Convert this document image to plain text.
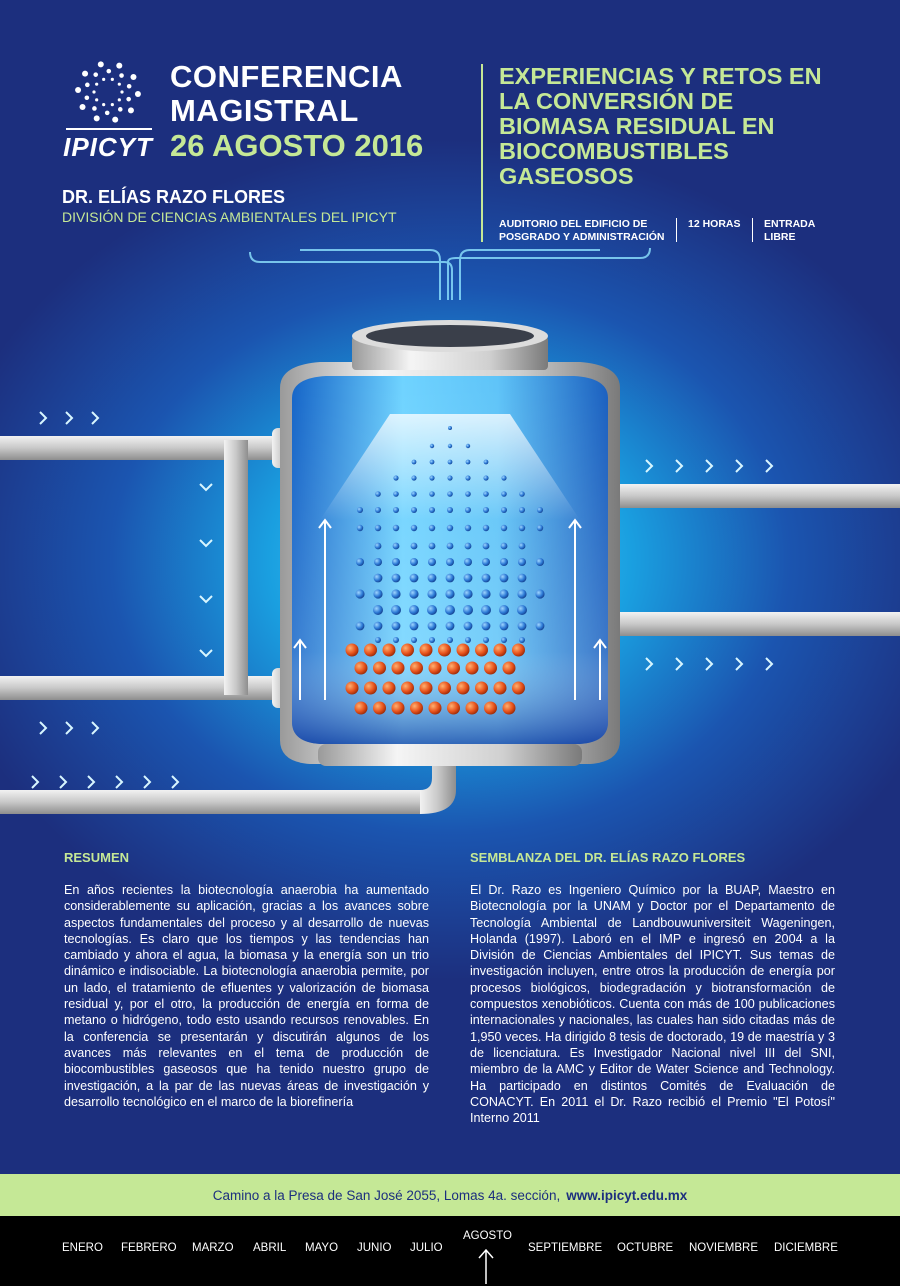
IPICYT
CONFERENCIA
MAGISTRAL
26 AGOSTO 2016
DR. ELÍAS RAZO FLORES
DIVISIÓN DE CIENCIAS AMBIENTALES DEL IPICYT
EXPERIENCIAS Y RETOS EN LA CONVERSIÓN DE BIOMASA RESIDUAL EN BIOCOMBUSTIBLES GASEOSOS
AUDITORIO DEL EDIFICIO DE
POSGRADO Y ADMINISTRACIÓN
12 HORAS ENTRADA
LIBRE
RESUMEN
En años recientes la biotecnología anaerobia ha aumentado considerablemente su aplicación, gracias a los avances sobre aspectos fundamentales del proceso y al desarrollo de nuevas tecnologías. Es claro que los tiempos y las tendencias han cambiado y ahora el agua, la biomasa y la energía son un trio dinámico e indisociable. La biotecnología anaerobia permite, por un lado, el tratamiento de efluentes y valorización de biomasa residual y, por el otro, la producción de energía en forma de metano o hidrógeno, todo esto usando recursos renovables. En la conferencia se presentarán y discutirán algunos de los avances más relevantes en el tema de producción de biocombustibles gaseosos que ha tenido nuestro grupo de investigación, a la par de las nuevas áreas de investigación y desarrollo tecnológico en el marco de la biorefinería
SEMBLANZA DEL DR. ELÍAS RAZO FLORES
El Dr. Razo es Ingeniero Químico por la BUAP, Maestro en Biotecnología por la UNAM y Doctor por el Departamento de Tecnología Ambiental de Landbouwuniversiteit Wageningen, Holanda (1997). Laboró en el IMP e ingresó en 2004 a la División de Ciencias Ambientales del IPICYT. Sus temas de investigación incluyen, entre otros la producción de energía por procesos biológicos, biodegradación y biotransformación de compuestos xenobióticos. Cuenta con más de 100 publicaciones internacionales y nacionales, las cuales han sido citadas más de 1,950 veces. Ha dirigido 8 tesis de doctorado, 19 de maestría y 3 de licenciatura. Es Investigador Nacional nivel III del SNI, miembro de la AMC y Editor de Water Science and Technology. Ha participado en distintos Comités de Evaluación de CONACYT. En 2011 el Dr. Razo recibió el Premio "El Potosí" Interno 2011
Camino a la Presa de San José 2055, Lomas 4a. sección, www.ipicyt.edu.mx
ENERO FEBRERO MARZO ABRIL MAYO JUNIO JULIO
AGOSTO
SEPTIEMBRE OCTUBRE NOVIEMBRE DICIEMBRE
